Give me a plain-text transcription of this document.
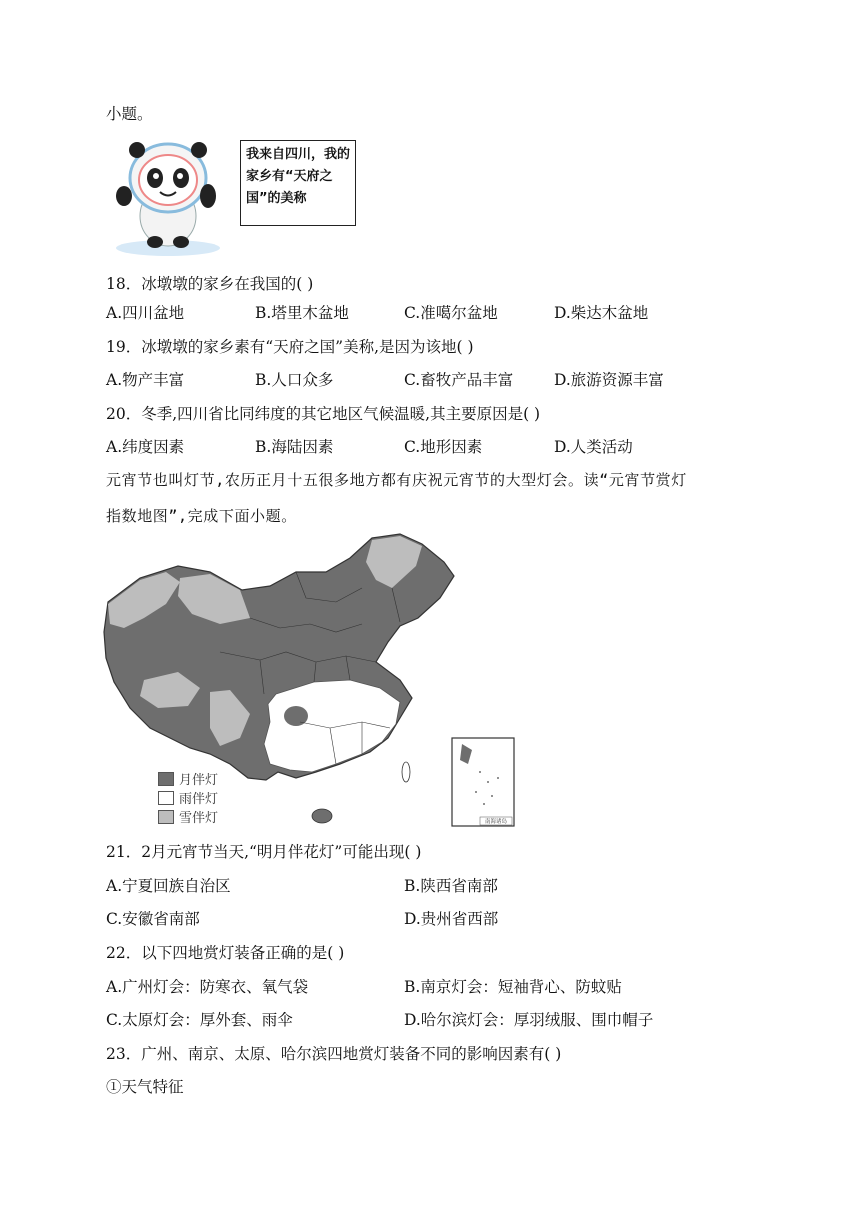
小题。
我来自四川，我的家乡有“天府之国”的美称
18．冰墩墩的家乡在我国的( )
A.四川盆地	B.塔里木盆地	C.准噶尔盆地	D.柴达木盆地
19．冰墩墩的家乡素有“天府之国”美称,是因为该地( )
A.物产丰富	B.人口众多	C.畜牧产品丰富	D.旅游资源丰富
20．冬季,四川省比同纬度的其它地区气候温暖,其主要原因是( )
A.纬度因素	B.海陆因素	C.地形因素	D.人类活动
元宵节也叫灯节,农历正月十五很多地方都有庆祝元宵节的大型灯会。读“元宵节赏灯
指数地图”,完成下面小题。
南海诸岛
月伴灯
雨伴灯
雪伴灯
21．2月元宵节当天,“明月伴花灯”可能出现( )
A.宁夏回族自治区	B.陕西省南部
C.安徽省南部	D.贵州省西部
22．以下四地赏灯装备正确的是( )
A.广州灯会：防寒衣、氧气袋	B.南京灯会：短袖背心、防蚊贴
C.太原灯会：厚外套、雨伞	D.哈尔滨灯会：厚羽绒服、围巾帽子
23．广州、南京、太原、哈尔滨四地赏灯装备不同的影响因素有( )
①天气特征
